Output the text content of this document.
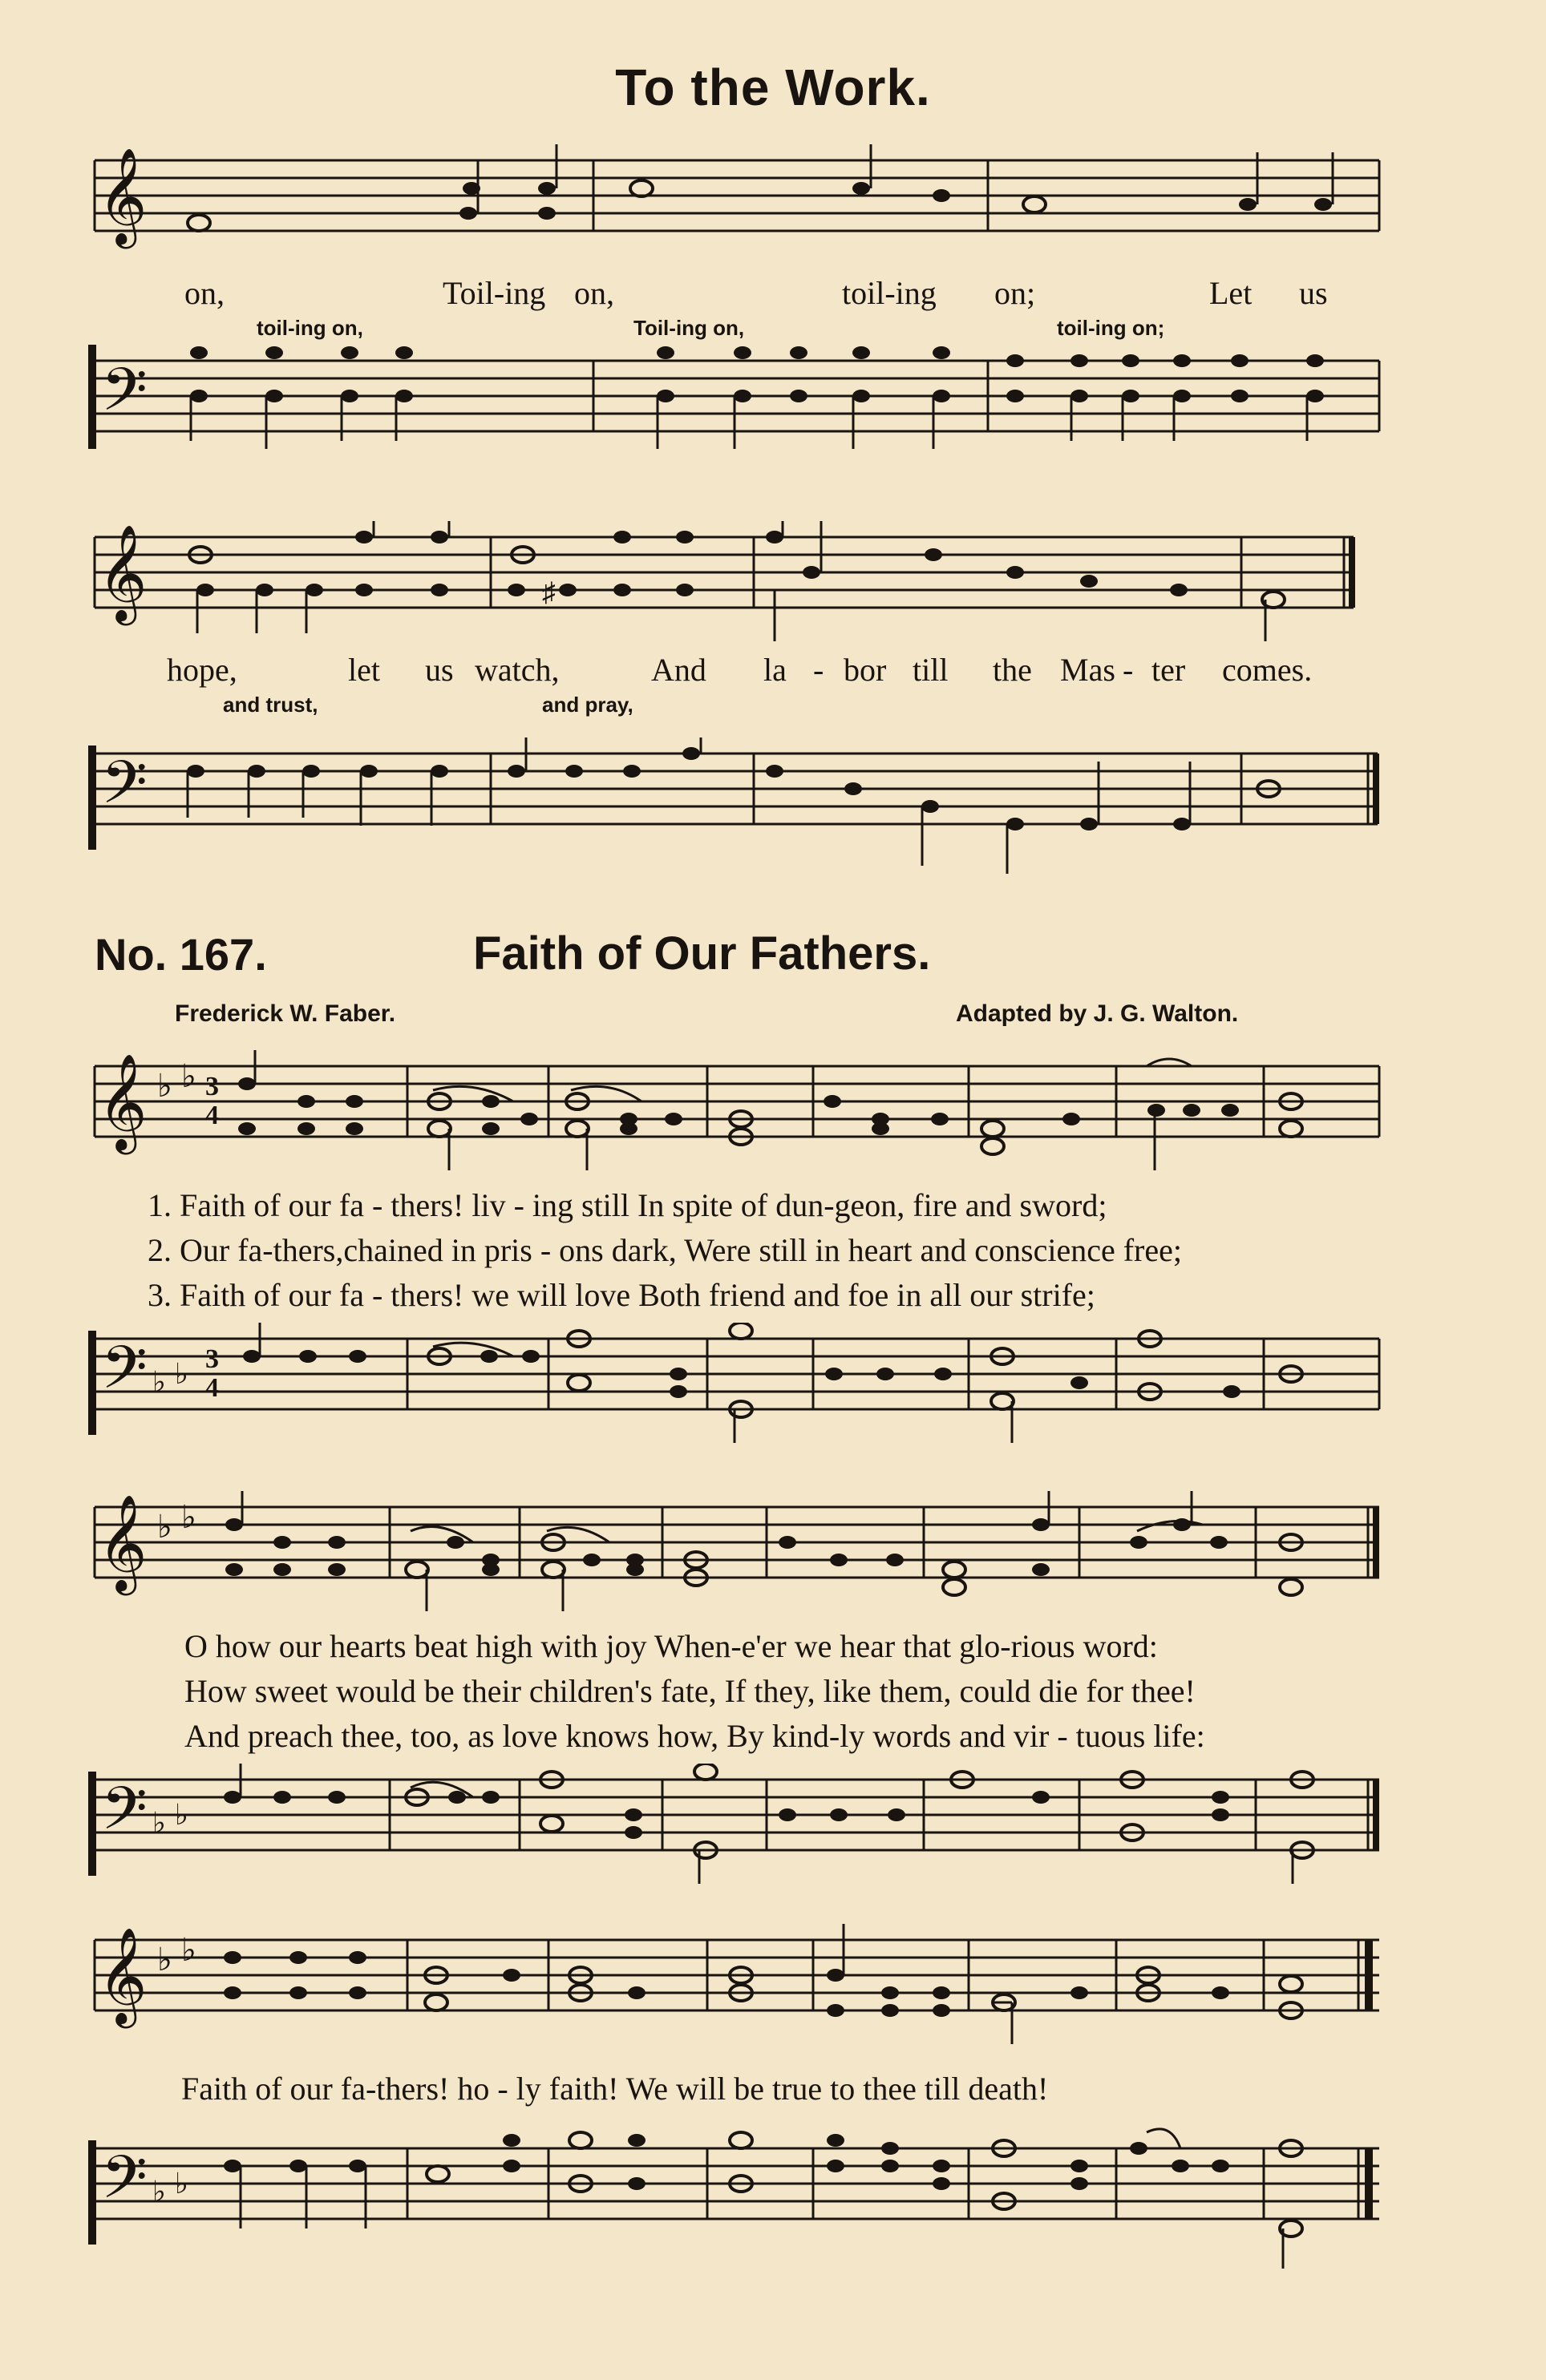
To the Work.
𝄞
on,	Toil-ing on,	toil-ing on;	Let us
toil-ing on,	Toil-ing on,	toil-ing on;
𝄢
𝄞	♯
hope,	let us watch,	And la - bor till the Mas - ter comes.
and trust,	and pray,
𝄢
No. 167.	Faith of Our Fathers.
Frederick W. Faber.	Adapted by J. G. Walton.
𝄞 ♭ ♭ 3
4
1. Faith of our fa - thers! liv - ing still In spite of dun-geon, fire and sword;
2. Our fa-thers,chained in pris - ons dark, Were still in heart and conscience free;
3. Faith of our fa - thers! we will love Both friend and foe in all our strife;
𝄢 ♭ ♭ 3
4
𝄞 ♭ ♭
O how our hearts beat high with joy When-e'er we hear that glo-rious word:
How sweet would be their children's fate, If they, like them, could die for thee!
And preach thee, too, as love knows how, By kind-ly words and vir - tuous life:
𝄢 ♭ ♭
𝄞 ♭ ♭
Faith of our fa-thers! ho - ly faith! We will be true to thee till death!
𝄢 ♭ ♭
